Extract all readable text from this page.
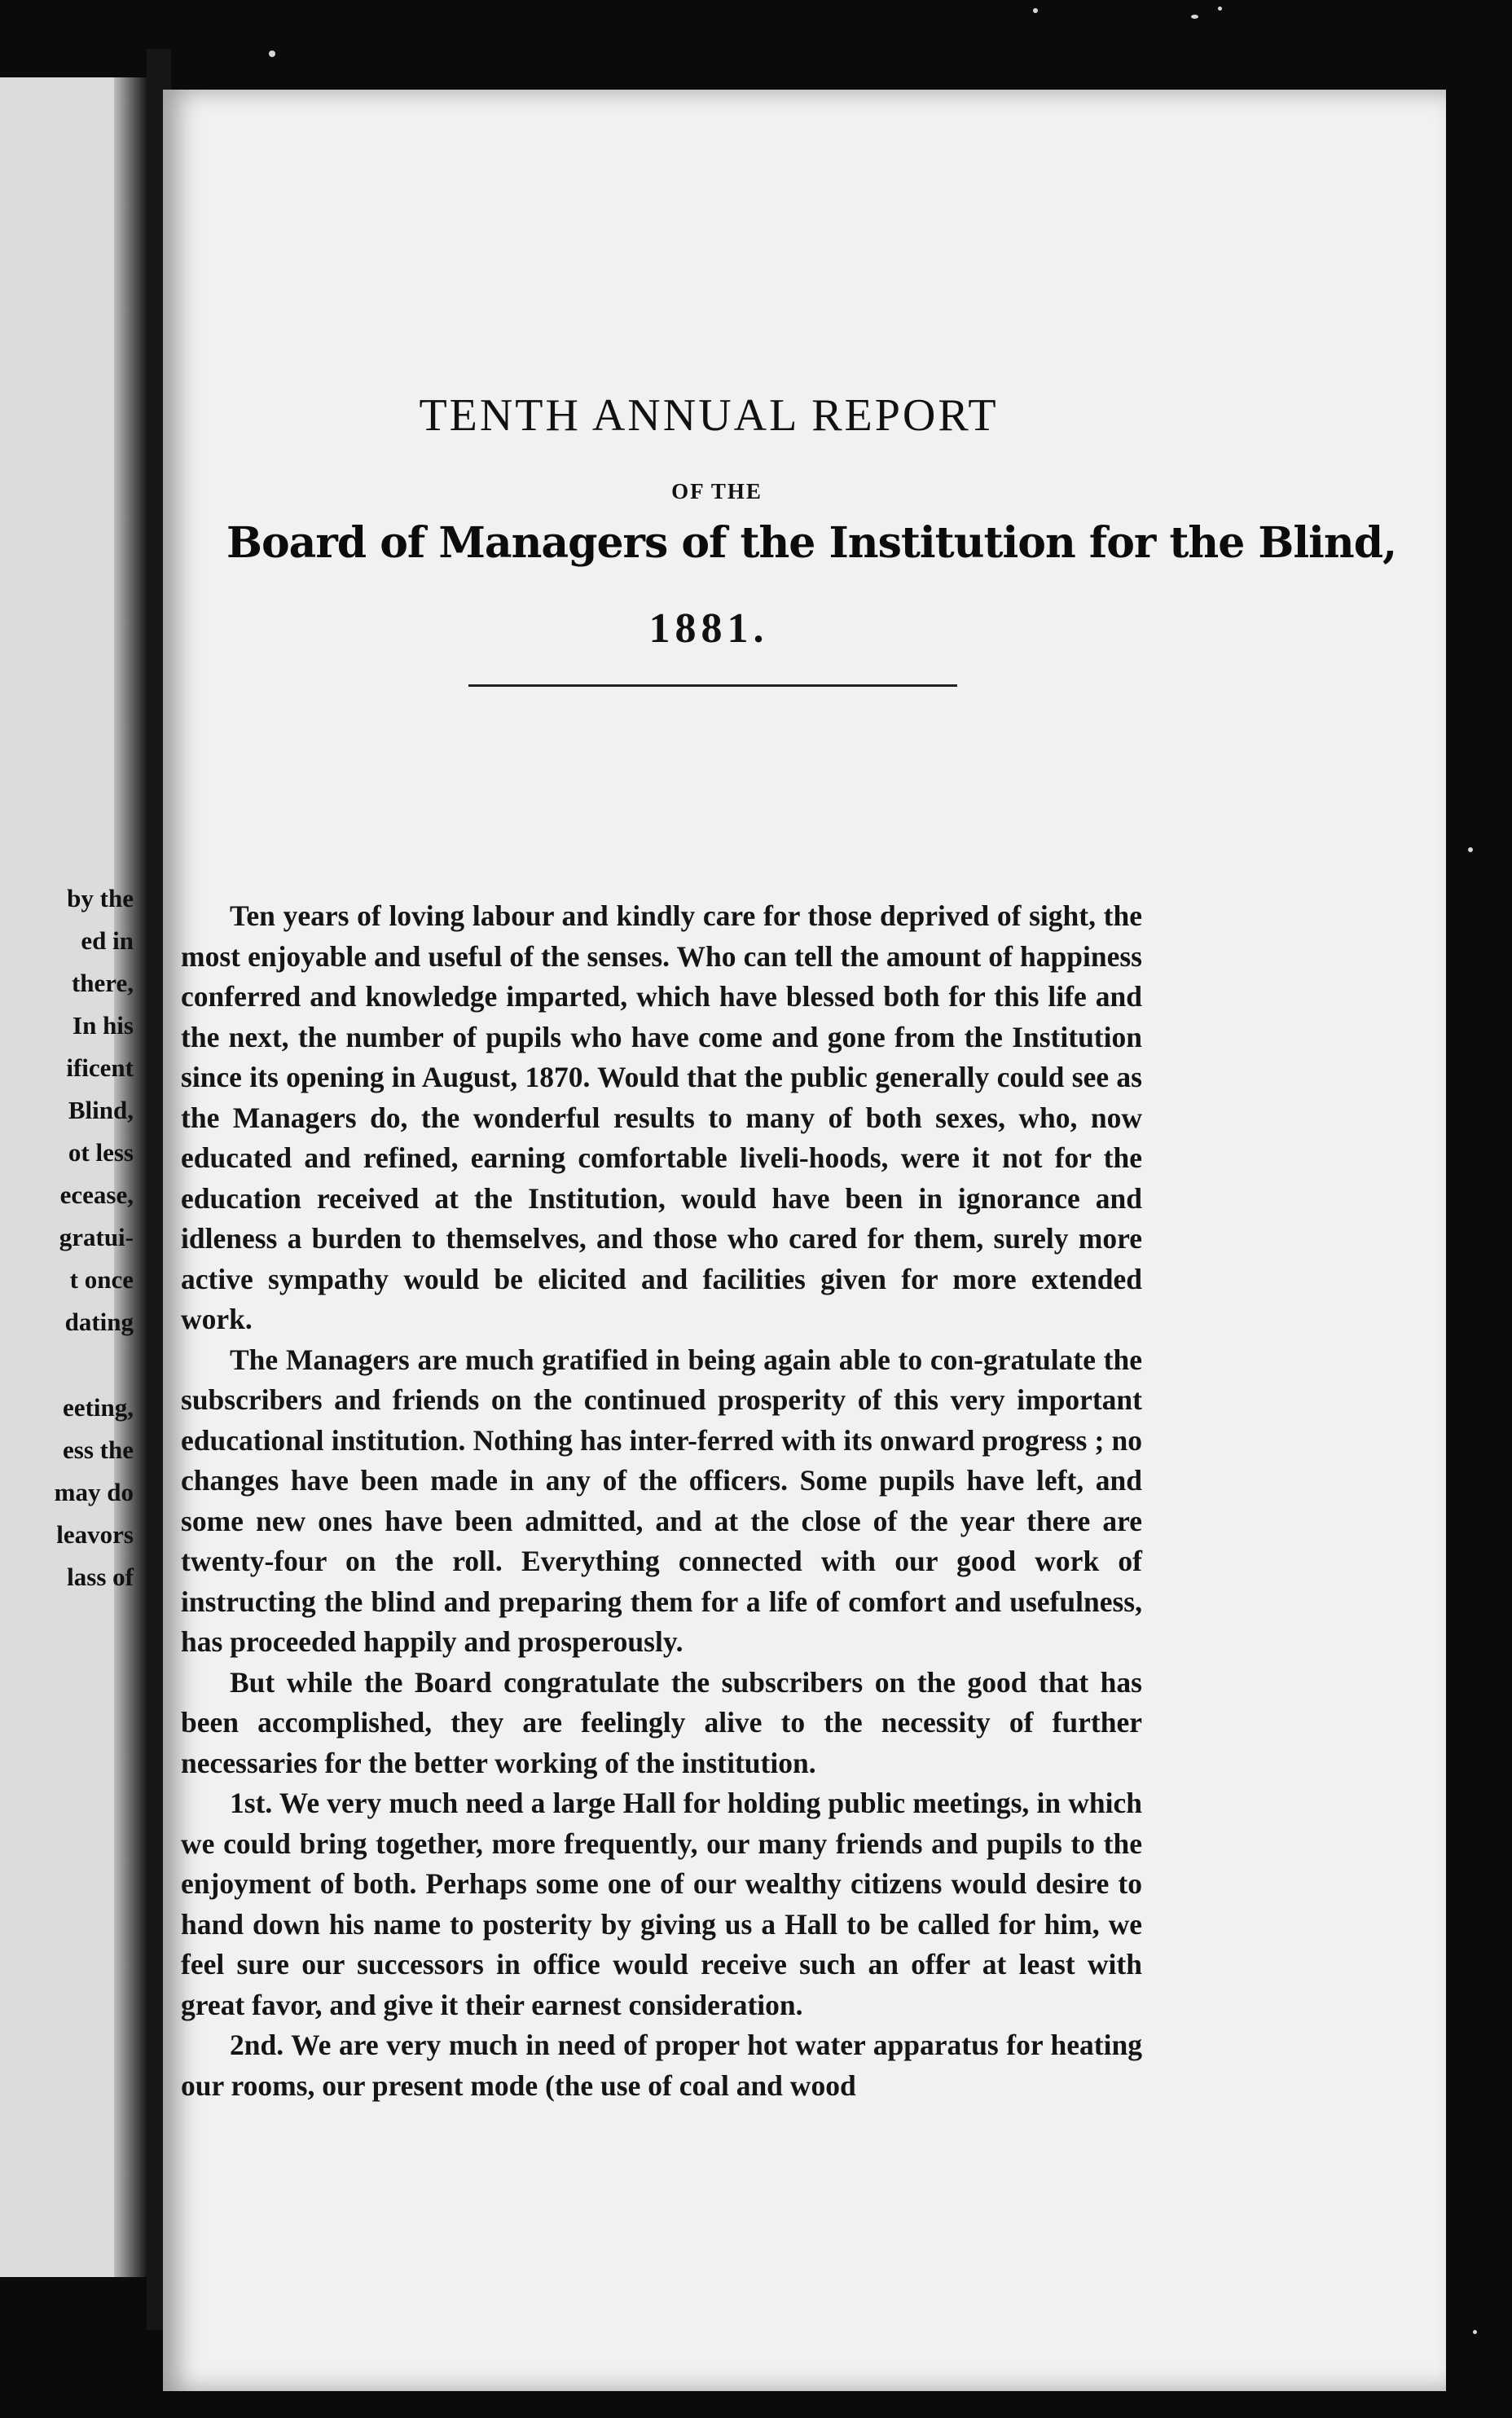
by the
ed in
there,
In his
ificent
Blind,
ot less
ecease,
gratui-
t once
dating
eeting,
ess the
may do
leavors
lass of
TENTH ANNUAL REPORT
OF THE
Board of Managers of the Institution for the Blind,
1881.

Ten years of loving labour and kindly care for those deprived of sight, the most enjoyable and useful of the senses. Who can tell the amount of happiness conferred and knowledge imparted, which have blessed both for this life and the next, the number of pupils who have come and gone from the Institution since its opening in August, 1870. Would that the public generally could see as the Managers do, the wonderful results to many of both sexes, who, now educated and refined, earning comfortable liveli-hoods, were it not for the education received at the Institution, would have been in ignorance and idleness a burden to themselves, and those who cared for them, surely more active sympathy would be elicited and facilities given for more extended work.

The Managers are much gratified in being again able to con-gratulate the subscribers and friends on the continued prosperity of this very important educational institution. Nothing has inter-ferred with its onward progress ; no changes have been made in any of the officers. Some pupils have left, and some new ones have been admitted, and at the close of the year there are twenty-four on the roll. Everything connected with our good work of instructing the blind and preparing them for a life of comfort and usefulness, has proceeded happily and prosperously.

But while the Board congratulate the subscribers on the good that has been accomplished, they are feelingly alive to the necessity of further necessaries for the better working of the institution.

1st. We very much need a large Hall for holding public meetings, in which we could bring together, more frequently, our many friends and pupils to the enjoyment of both. Perhaps some one of our wealthy citizens would desire to hand down his name to posterity by giving us a Hall to be called for him, we feel sure our successors in office would receive such an offer at least with great favor, and give it their earnest consideration.

2nd. We are very much in need of proper hot water apparatus for heating our rooms, our present mode (the use of coal and wood
